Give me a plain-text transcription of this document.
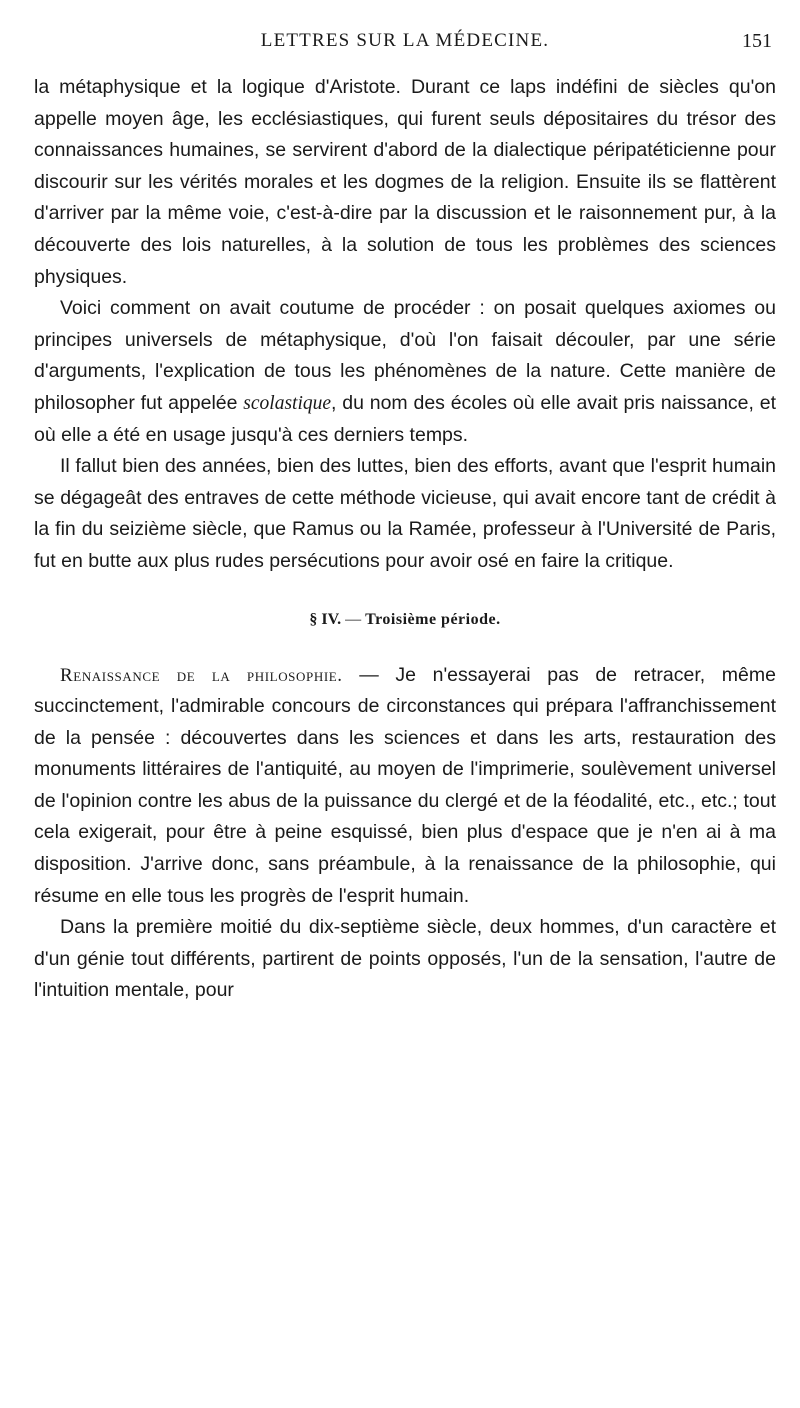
LETTRES SUR LA MÉDECINE.	151

la métaphysique et la logique d'Aristote. Durant ce laps indéfini de siècles qu'on appelle moyen âge, les ecclésiastiques, qui furent seuls dépositaires du trésor des connaissances humaines, se servirent d'abord de la dialectique péripatéticienne pour discourir sur les vérités morales et les dogmes de la religion. Ensuite ils se flattèrent d'arriver par la même voie, c'est-à-dire par la discussion et le raisonnement pur, à la découverte des lois naturelles, à la solution de tous les problèmes des sciences physiques.

Voici comment on avait coutume de procéder : on posait quelques axiomes ou principes universels de métaphysique, d'où l'on faisait découler, par une série d'arguments, l'explication de tous les phénomènes de la nature. Cette manière de philosopher fut appelée scolastique, du nom des écoles où elle avait pris naissance, et où elle a été en usage jusqu'à ces derniers temps.

Il fallut bien des années, bien des luttes, bien des efforts, avant que l'esprit humain se dégageât des entraves de cette méthode vicieuse, qui avait encore tant de crédit à la fin du seizième siècle, que Ramus ou la Ramée, professeur à l'Université de Paris, fut en butte aux plus rudes persécutions pour avoir osé en faire la critique.

§ IV. — Troisième période.

Renaissance de la philosophie. — Je n'essayerai pas de retracer, même succinctement, l'admirable concours de circonstances qui prépara l'affranchissement de la pensée : découvertes dans les sciences et dans les arts, restauration des monuments littéraires de l'antiquité, au moyen de l'imprimerie, soulèvement universel de l'opinion contre les abus de la puissance du clergé et de la féodalité, etc., etc.; tout cela exigerait, pour être à peine esquissé, bien plus d'espace que je n'en ai à ma disposition. J'arrive donc, sans préambule, à la renaissance de la philosophie, qui résume en elle tous les progrès de l'esprit humain.

Dans la première moitié du dix-septième siècle, deux hommes, d'un caractère et d'un génie tout différents, partirent de points opposés, l'un de la sensation, l'autre de l'intuition mentale, pour
